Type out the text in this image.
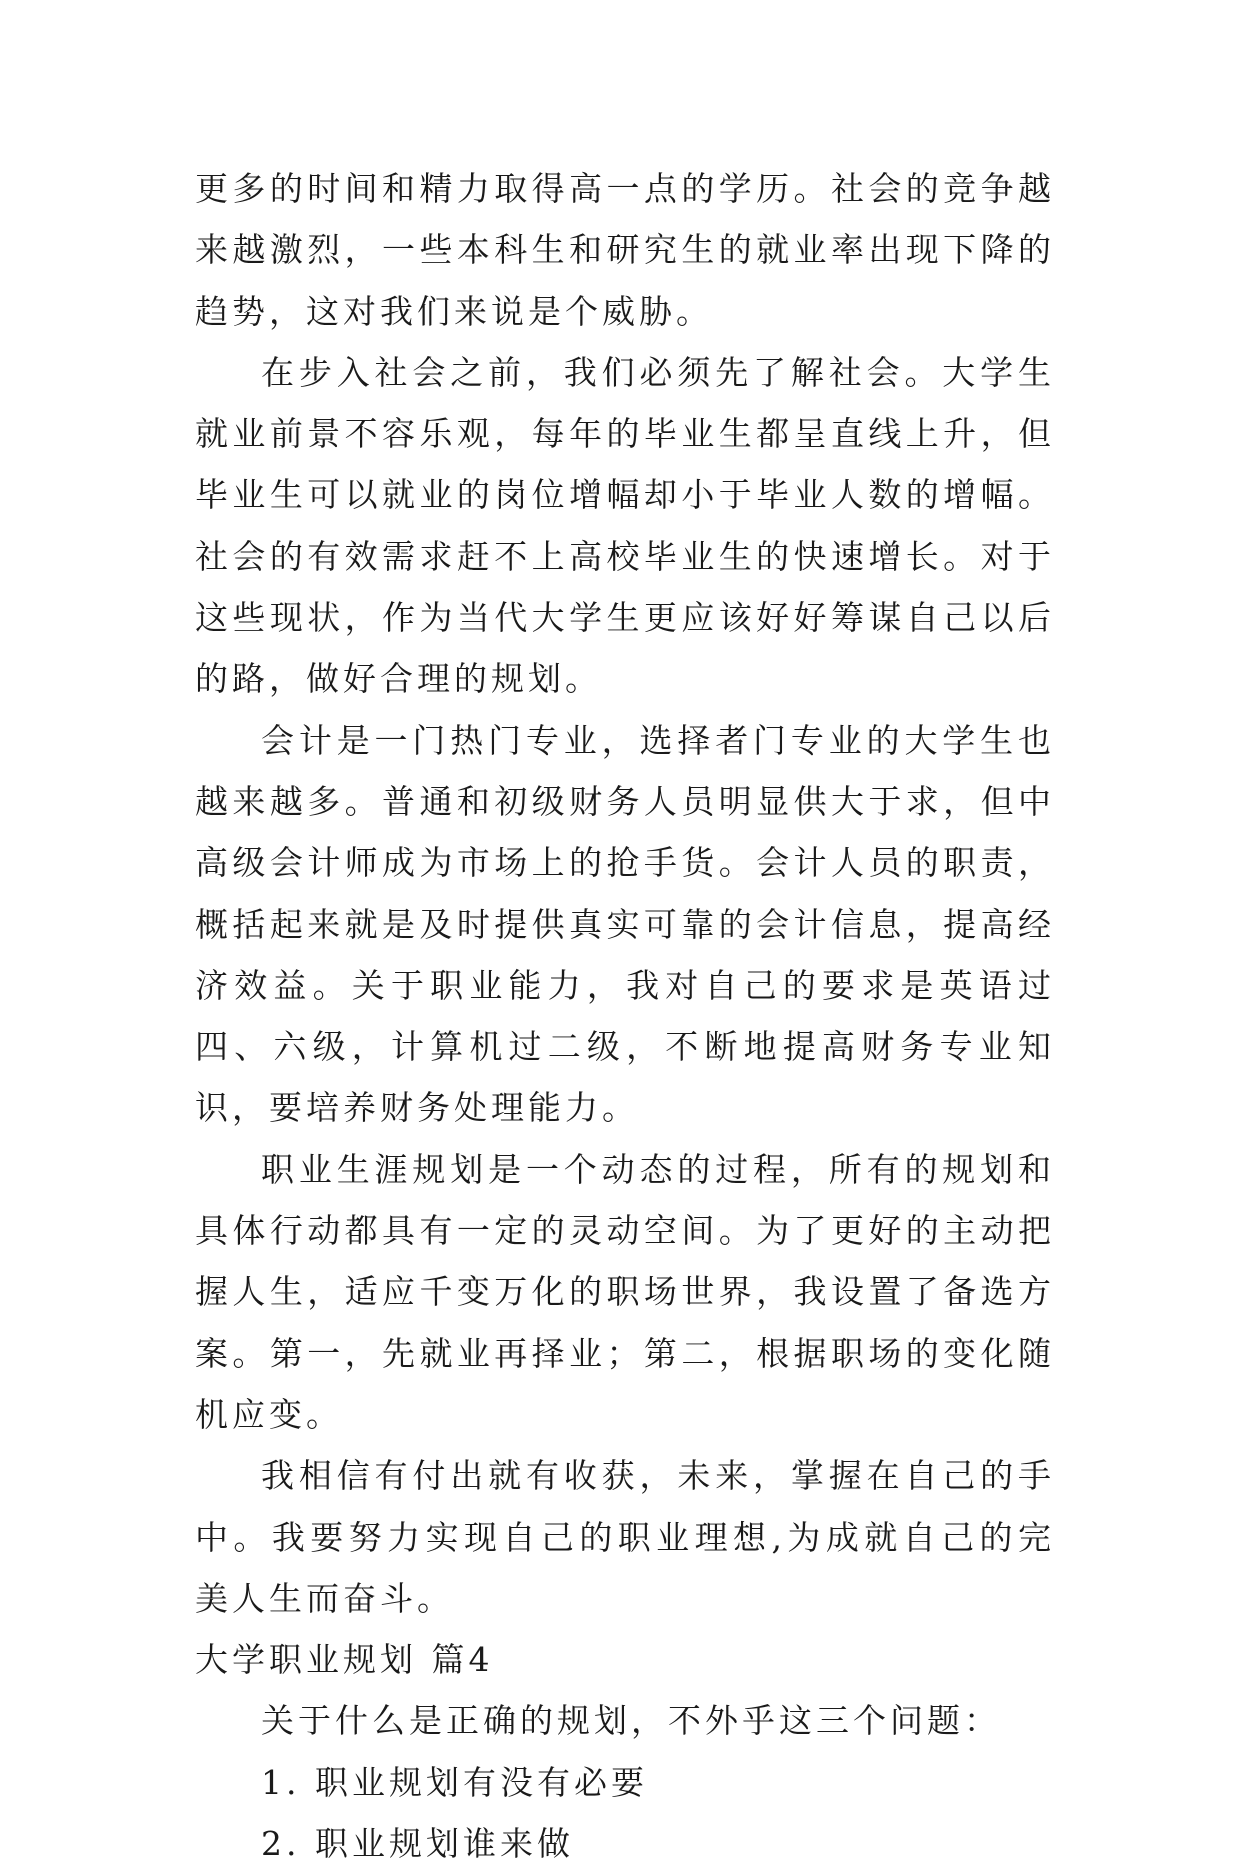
更多的时间和精力取得高一点的学历。社会的竞争越来越激烈，一些本科生和研究生的就业率出现下降的趋势，这对我们来说是个威胁。

在步入社会之前，我们必须先了解社会。大学生就业前景不容乐观，每年的毕业生都呈直线上升，但毕业生可以就业的岗位增幅却小于毕业人数的增幅。社会的有效需求赶不上高校毕业生的快速增长。对于这些现状，作为当代大学生更应该好好筹谋自己以后的路，做好合理的规划。

会计是一门热门专业，选择者门专业的大学生也越来越多。普通和初级财务人员明显供大于求，但中高级会计师成为市场上的抢手货。会计人员的职责，概括起来就是及时提供真实可靠的会计信息，提高经济效益。关于职业能力，我对自己的要求是英语过四、六级，计算机过二级，不断地提高财务专业知识，要培养财务处理能力。

职业生涯规划是一个动态的过程，所有的规划和具体行动都具有一定的灵动空间。为了更好的主动把握人生，适应千变万化的职场世界，我设置了备选方案。第一，先就业再择业；第二，根据职场的变化随机应变。

我相信有付出就有收获，未来，掌握在自己的手中。我要努力实现自己的职业理想,为成就自己的完美人生而奋斗。

大学职业规划 篇4

关于什么是正确的规划，不外乎这三个问题：

1. 职业规划有没有必要

2. 职业规划谁来做
